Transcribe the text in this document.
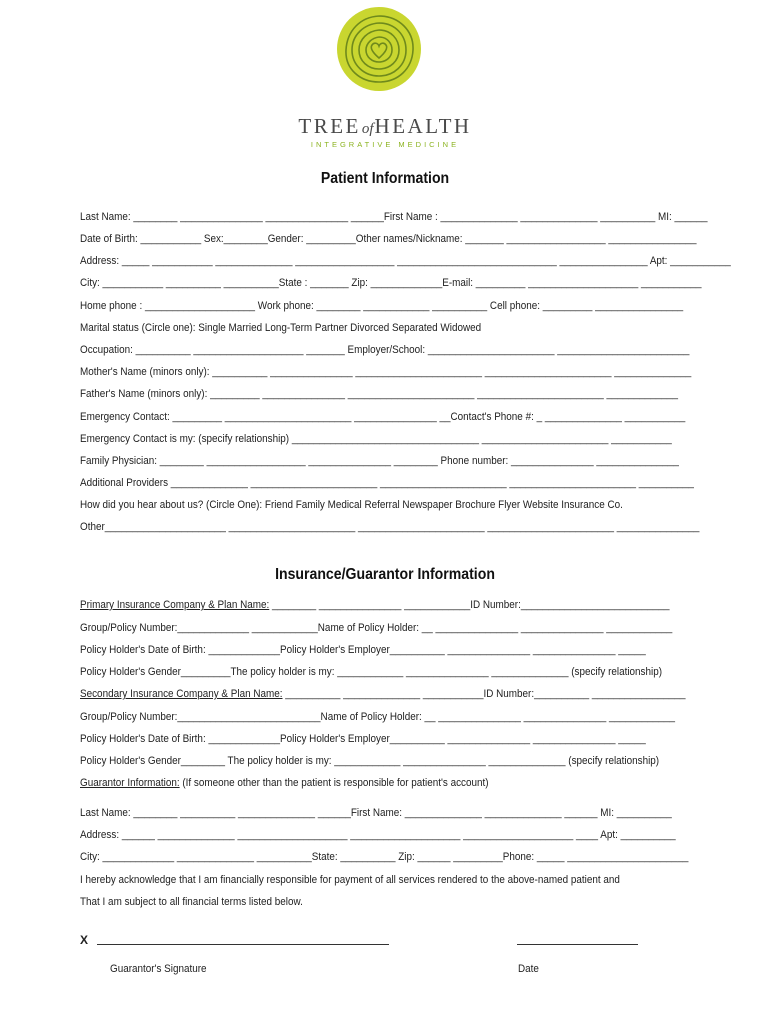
TREEofHEALTH
INTEGRATIVE MEDICINE
Patient Information
Last Name: ________ _______________ _______________ ______First Name : ______________ ______________ __________ MI: ______
Date of Birth: ___________ Sex:________Gender: _________Other names/Nickname: _______ __________________ ________________
Address: _____ ___________ ______________ __________________ _____________________________ ________________ Apt: ___________
City: ___________ __________ __________State : _______ Zip: _____________E-mail: _________ ____________________ ___________
Home phone : ____________________ Work phone: ________ ____________ __________ Cell phone: _________ ________________
Marital status (Circle one): Single Married Long-Term Partner Divorced Separated Widowed
Occupation: __________ ____________________ _______ Employer/School: _______________________ ________________________
Mother's Name (minors only): __________ _______________ _______________________ _______________________ ______________
Father's Name (minors only): _________ _______________ _______________________ _______________________ _____________
Emergency Contact: _________ _______________________ _______________ __Contact's Phone #: _ ______________ ___________
Emergency Contact is my: (specify relationship) __________________________________ _______________________ ___________
Family Physician: ________ __________________ _______________ ________ Phone number: _______________ _______________
Additional Providers ______________ _______________________ _______________________ _______________________ __________
How did you hear about us? (Circle One): Friend Family Medical Referral Newspaper Brochure Flyer Website Insurance Co.
Other______________________ _______________________ _______________________ _______________________ _______________
Insurance/Guarantor Information
Primary Insurance Company & Plan Name: ________ _______________ ____________ID Number:___________________________
Group/Policy Number:_____________ ____________Name of Policy Holder: __ _______________ _______________ ____________
Policy Holder's Date of Birth: _____________Policy Holder's Employer__________ _______________ _______________ _____
Policy Holder's Gender_________The policy holder is my: ____________ _______________ ______________ (specify relationship)
Secondary Insurance Company & Plan Name: __________ ______________ ___________ID Number:__________ _________________
Group/Policy Number:__________________________Name of Policy Holder: __ _______________ _______________ ____________
Policy Holder's Date of Birth: _____________Policy Holder's Employer__________ _______________ _______________ _____
Policy Holder's Gender________ The policy holder is my: ____________ _______________ ______________ (specify relationship)
Guarantor Information: (If someone other than the patient is responsible for patient's account)
Last Name: ________ __________ ______________ ______First Name: ______________ ______________ ______ MI: __________
Address: ______ ______________ ____________________ ____________________ ____________________ ____ Apt: __________
City: _____________ ______________ __________State: __________ Zip: ______ _________Phone: _____ ______________________
I hereby acknowledge that I am financially responsible for payment of all services rendered to the above-named patient and
That I am subject to all financial terms listed below.
X
Guarantor's Signature	Date
